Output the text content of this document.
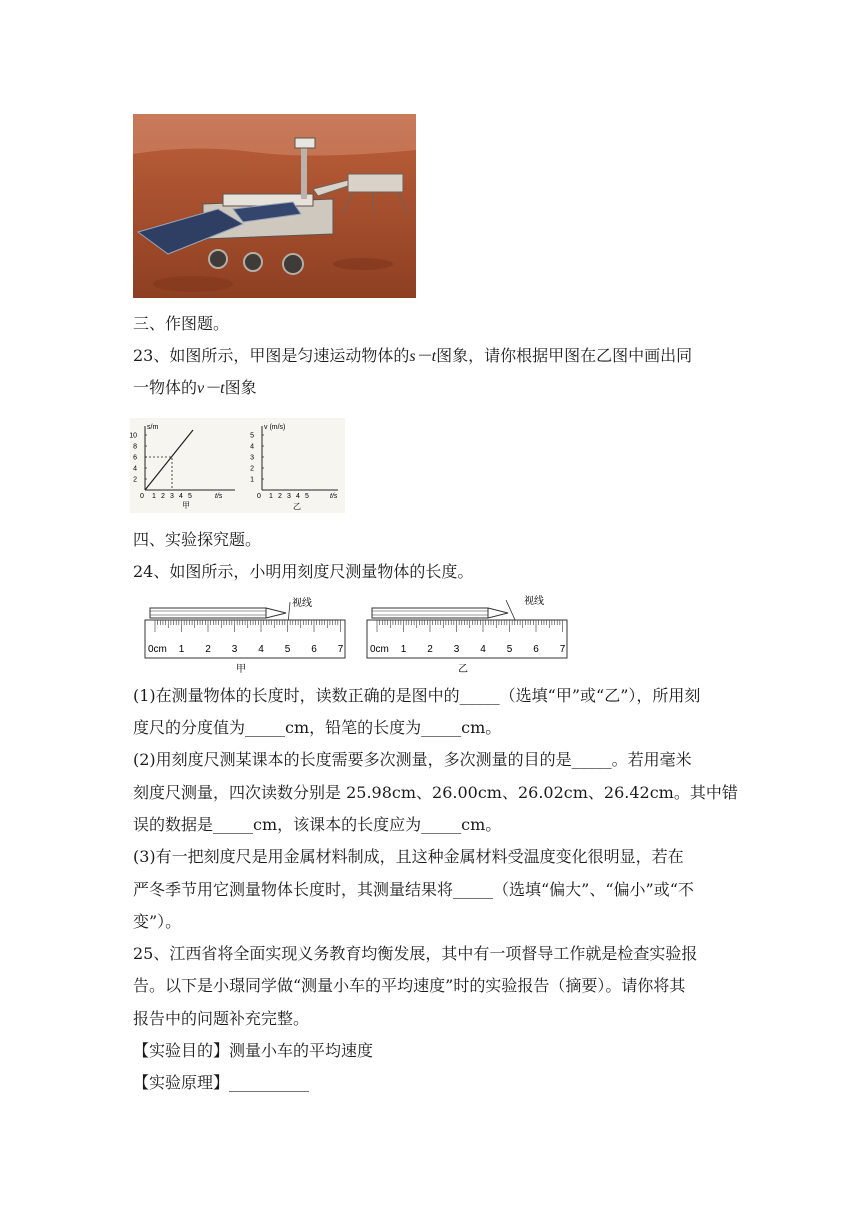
三、作图题。
23、如图所示，甲图是匀速运动物体的s－t图象，请你根据甲图在乙图中画出同
一物体的v－t图象
s/m
t/s
0
2
4
6
8
10
1 2 3 4 5
甲
v (m/s)
t/s
0
1
2
3
4
5
1 2 3 4 5
乙
四、实验探究题。
24、如图所示，小明用刻度尺测量物体的长度。
视线
1 2 3 4 5 6 7
0cm
甲
视线
1 2 3 4 5 6 7
0cm
乙
(1)在测量物体的长度时，读数正确的是图中的_____（选填“甲”或“乙”），所用刻
度尺的分度值为_____cm，铅笔的长度为_____cm。
(2)用刻度尺测某课本的长度需要多次测量，多次测量的目的是_____。若用毫米
刻度尺测量，四次读数分别是 25.98cm、26.00cm、26.02cm、26.42cm。其中错
误的数据是_____cm，该课本的长度应为_____cm。
(3)有一把刻度尺是用金属材料制成，且这种金属材料受温度变化很明显，若在
严冬季节用它测量物体长度时，其测量结果将_____（选填“偏大”、“偏小”或“不
变”）。
25、江西省将全面实现义务教育均衡发展，其中有一项督导工作就是检查实验报
告。以下是小璟同学做“测量小车的平均速度”时的实验报告（摘要）。请你将其
报告中的问题补充完整。
【实验目的】测量小车的平均速度
【实验原理】__________
